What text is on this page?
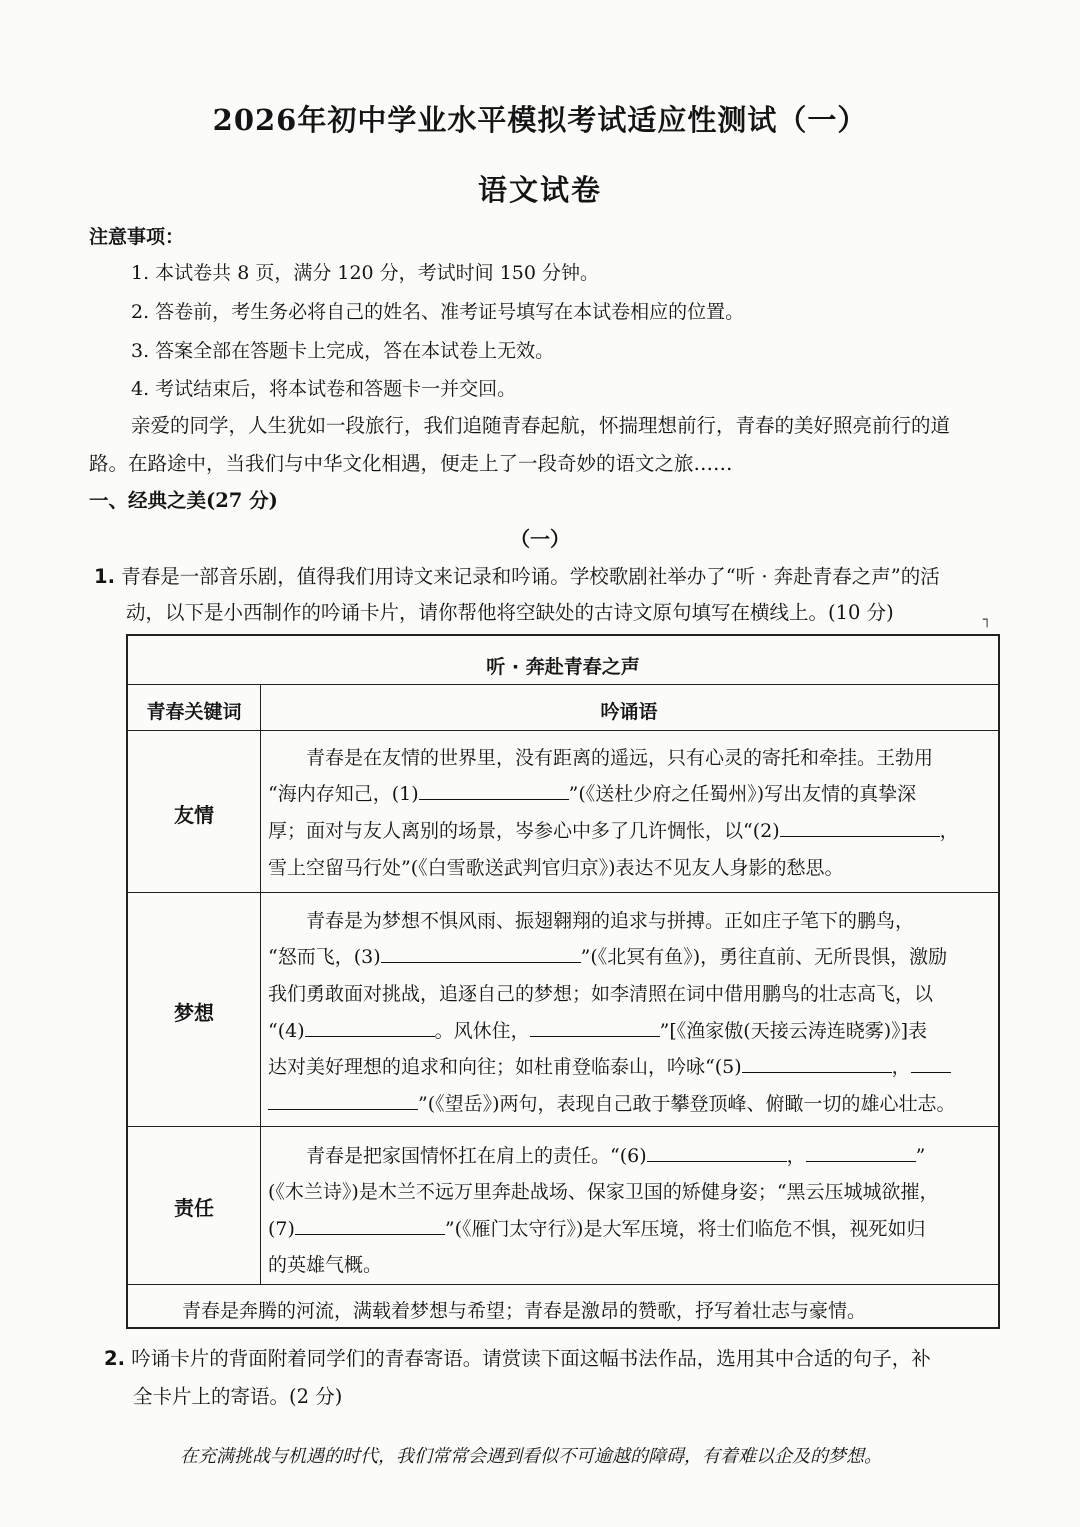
2026年初中学业水平模拟考试适应性测试（一）
语文试卷
注意事项：
1. 本试卷共 8 页，满分 120 分，考试时间 150 分钟。
2. 答卷前，考生务必将自己的姓名、准考证号填写在本试卷相应的位置。
3. 答案全部在答题卡上完成，答在本试卷上无效。
4. 考试结束后，将本试卷和答题卡一并交回。
亲爱的同学，人生犹如一段旅行，我们追随青春起航，怀揣理想前行，青春的美好照亮前行的道
路。在路途中，当我们与中华文化相遇，便走上了一段奇妙的语文之旅……
一、经典之美(27 分)
（一）
1. 青春是一部音乐剧，值得我们用诗文来记录和吟诵。学校歌剧社举办了“听 · 奔赴青春之声”的活
动，以下是小西制作的吟诵卡片，请你帮他将空缺处的古诗文原句填写在横线上。(10 分)	┐
听 · 奔赴青春之声
青春关键词	吟诵语
友情
青春是在友情的世界里，没有距离的遥远，只有心灵的寄托和牵挂。王勃用
“海内存知己，(1)	”(《送杜少府之任蜀州》)写出友情的真挚深
厚；面对与友人离别的场景，岑参心中多了几许惆怅，以“(2)	，
雪上空留马行处”(《白雪歌送武判官归京》)表达不见友人身影的愁思。
梦想
青春是为梦想不惧风雨、振翅翱翔的追求与拼搏。正如庄子笔下的鹏鸟，
“怒而飞，(3)	”(《北冥有鱼》)，勇往直前、无所畏惧，激励
我们勇敢面对挑战，追逐自己的梦想；如李清照在词中借用鹏鸟的壮志高飞，以
“(4)	。风休住，	”[《渔家傲(天接云涛连晓雾)》]表
达对美好理想的追求和向往；如杜甫登临泰山，吟咏“(5)	，
”(《望岳》)两句，表现自己敢于攀登顶峰、俯瞰一切的雄心壮志。
责任
青春是把家国情怀扛在肩上的责任。“(6)	，	”
(《木兰诗》)是木兰不远万里奔赴战场、保家卫国的矫健身姿；“黑云压城城欲摧，
(7)	”(《雁门太守行》)是大军压境，将士们临危不惧，视死如归
的英雄气概。
青春是奔腾的河流，满载着梦想与希望；青春是激昂的赞歌，抒写着壮志与豪情。
2. 吟诵卡片的背面附着同学们的青春寄语。请赏读下面这幅书法作品，选用其中合适的句子，补
全卡片上的寄语。(2 分)
在充满挑战与机遇的时代，我们常常会遇到看似不可逾越的障碍，有着难以企及的梦想。
